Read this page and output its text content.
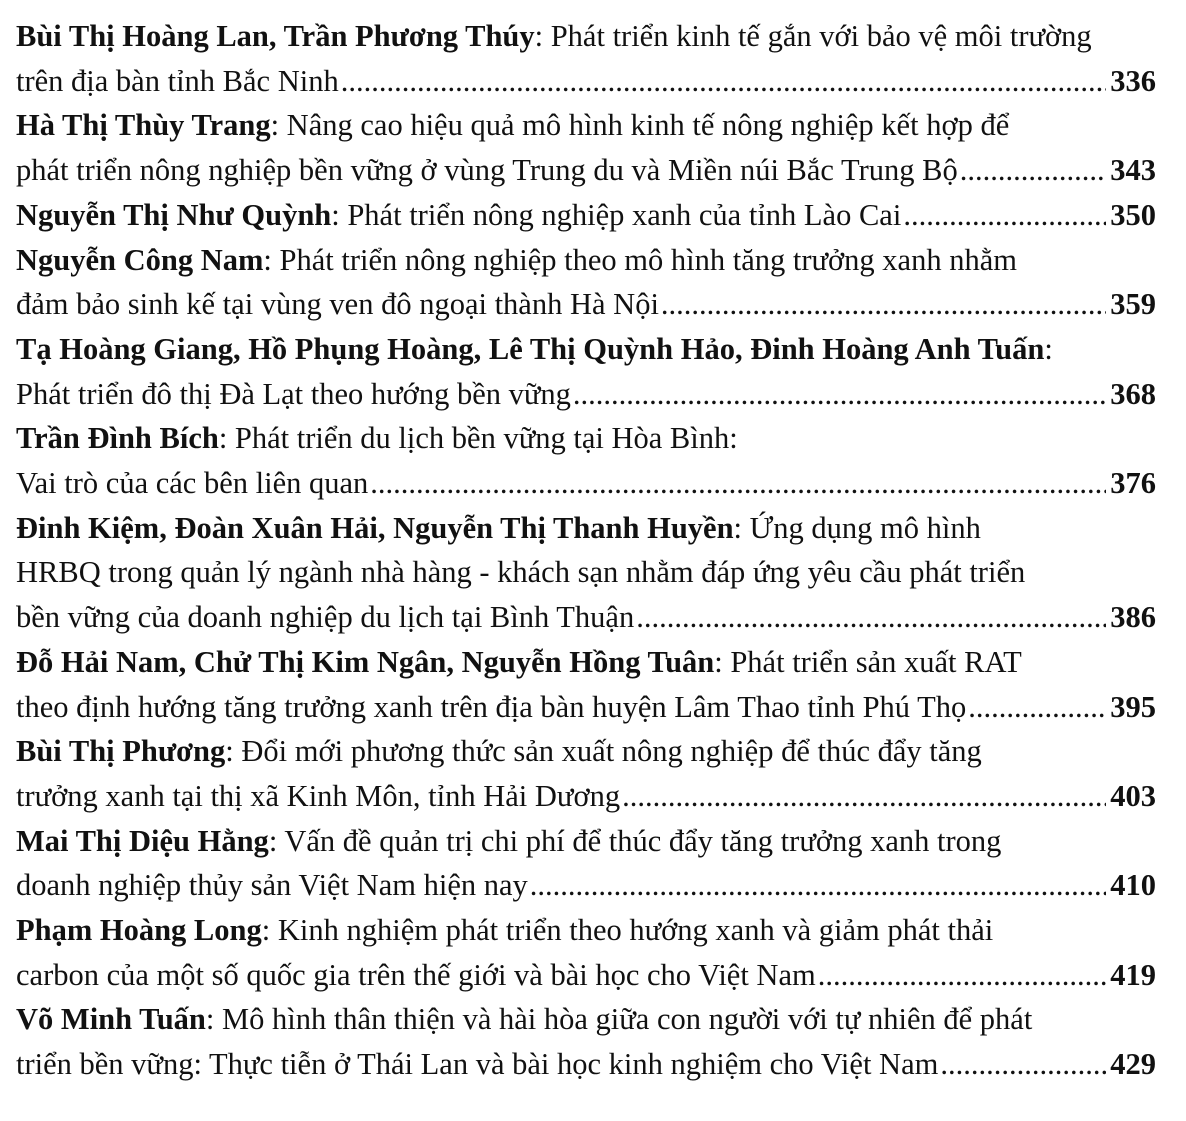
Bùi Thị Hoàng Lan, Trần Phương Thúy: Phát triển kinh tế gắn với bảo vệ môi trường
trên địa bàn tỉnh Bắc Ninh .....	336
Hà Thị Thùy Trang: Nâng cao hiệu quả mô hình kinh tế nông nghiệp kết hợp để
phát triển nông nghiệp bền vững ở vùng Trung du và Miền núi Bắc Trung Bộ .....	343
Nguyễn Thị Như Quỳnh: Phát triển nông nghiệp xanh của tỉnh Lào Cai .....	350
Nguyễn Công Nam: Phát triển nông nghiệp theo mô hình tăng trưởng xanh nhằm
đảm bảo sinh kế tại vùng ven đô ngoại thành Hà Nội .....	359
Tạ Hoàng Giang, Hồ Phụng Hoàng, Lê Thị Quỳnh Hảo, Đinh Hoàng Anh Tuấn:
Phát triển đô thị Đà Lạt theo hướng bền vững .....	368
Trần Đình Bích: Phát triển du lịch bền vững tại Hòa Bình:
Vai trò của các bên liên quan .....	376
Đinh Kiệm, Đoàn Xuân Hải, Nguyễn Thị Thanh Huyền: Ứng dụng mô hình
HRBQ trong quản lý ngành nhà hàng - khách sạn nhằm đáp ứng yêu cầu phát triển
bền vững của doanh nghiệp du lịch tại Bình Thuận .....	386
Đỗ Hải Nam, Chử Thị Kim Ngân, Nguyễn Hồng Tuân: Phát triển sản xuất RAT
theo định hướng tăng trưởng xanh trên địa bàn huyện Lâm Thao tỉnh Phú Thọ .....	395
Bùi Thị Phương: Đổi mới phương thức sản xuất nông nghiệp để thúc đẩy tăng
trưởng xanh tại thị xã Kinh Môn, tỉnh Hải Dương .....	403
Mai Thị Diệu Hằng: Vấn đề quản trị chi phí để thúc đẩy tăng trưởng xanh trong
doanh nghiệp thủy sản Việt Nam hiện nay .....	410
Phạm Hoàng Long: Kinh nghiệm phát triển theo hướng xanh và giảm phát thải
carbon của một số quốc gia trên thế giới và bài học cho Việt Nam .....	419
Võ Minh Tuấn: Mô hình thân thiện và hài hòa giữa con người với tự nhiên để phát
triển bền vững: Thực tiễn ở Thái Lan và bài học kinh nghiệm cho Việt Nam .....	429
